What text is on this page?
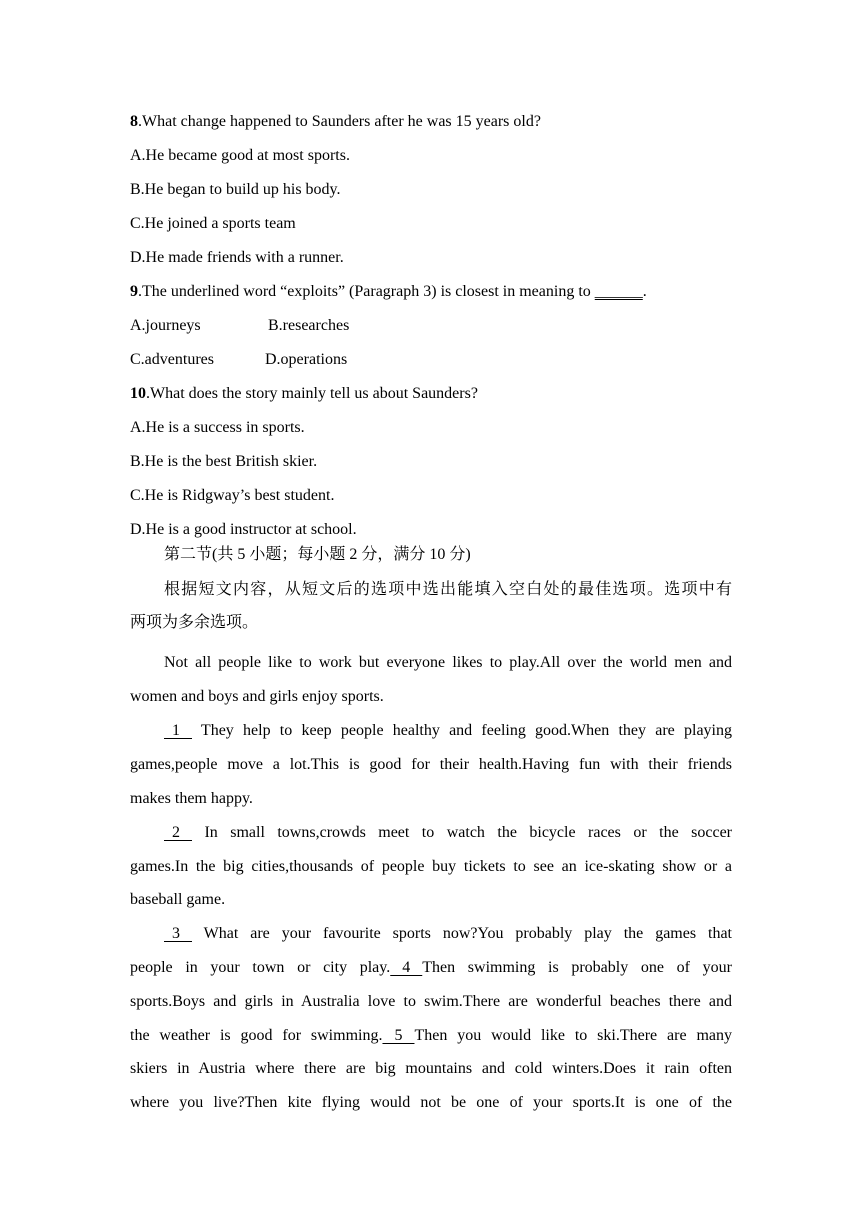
8.What change happened to Saunders after he was 15 years old?
A.He became good at most sports.
B.He began to build up his body.
C.He joined a sports team
D.He made friends with a runner.
9.The underlined word “exploits” (Paragraph 3) is closest in meaning to ______.
A.journeys	B.researches
C.adventures	D.operations
10.What does the story mainly tell us about Saunders?
A.He is a success in sports.
B.He is the best British skier.
C.He is Ridgway’s best student.
D.He is a good instructor at school.
第二节(共 5 小题；每小题 2 分，满分 10 分)
根据短文内容，从短文后的选项中选出能填入空白处的最佳选项。选项中有
两项为多余选项。
Not all people like to work but everyone likes to play.All over the world men and
women and boys and girls enjoy sports.
1    They help to keep people healthy and feeling good.When they are playing
games,people move a lot.This is good for their health.Having fun with their friends
makes them happy.
2    In small towns,crowds meet to watch the bicycle races or the soccer
games.In the big cities,thousands of people buy tickets to see an ice-skating show or a
baseball game.
3    What are your favourite sports now?You probably play the games that
people in your town or city play.   4   Then swimming is probably one of your
sports.Boys and girls in Australia love to swim.There are wonderful beaches there and
the weather is good for swimming.   5   Then you would like to ski.There are many
skiers in Austria where there are big mountains and cold winters.Does it rain often
where you live?Then kite flying would not be one of your sports.It is one of the
